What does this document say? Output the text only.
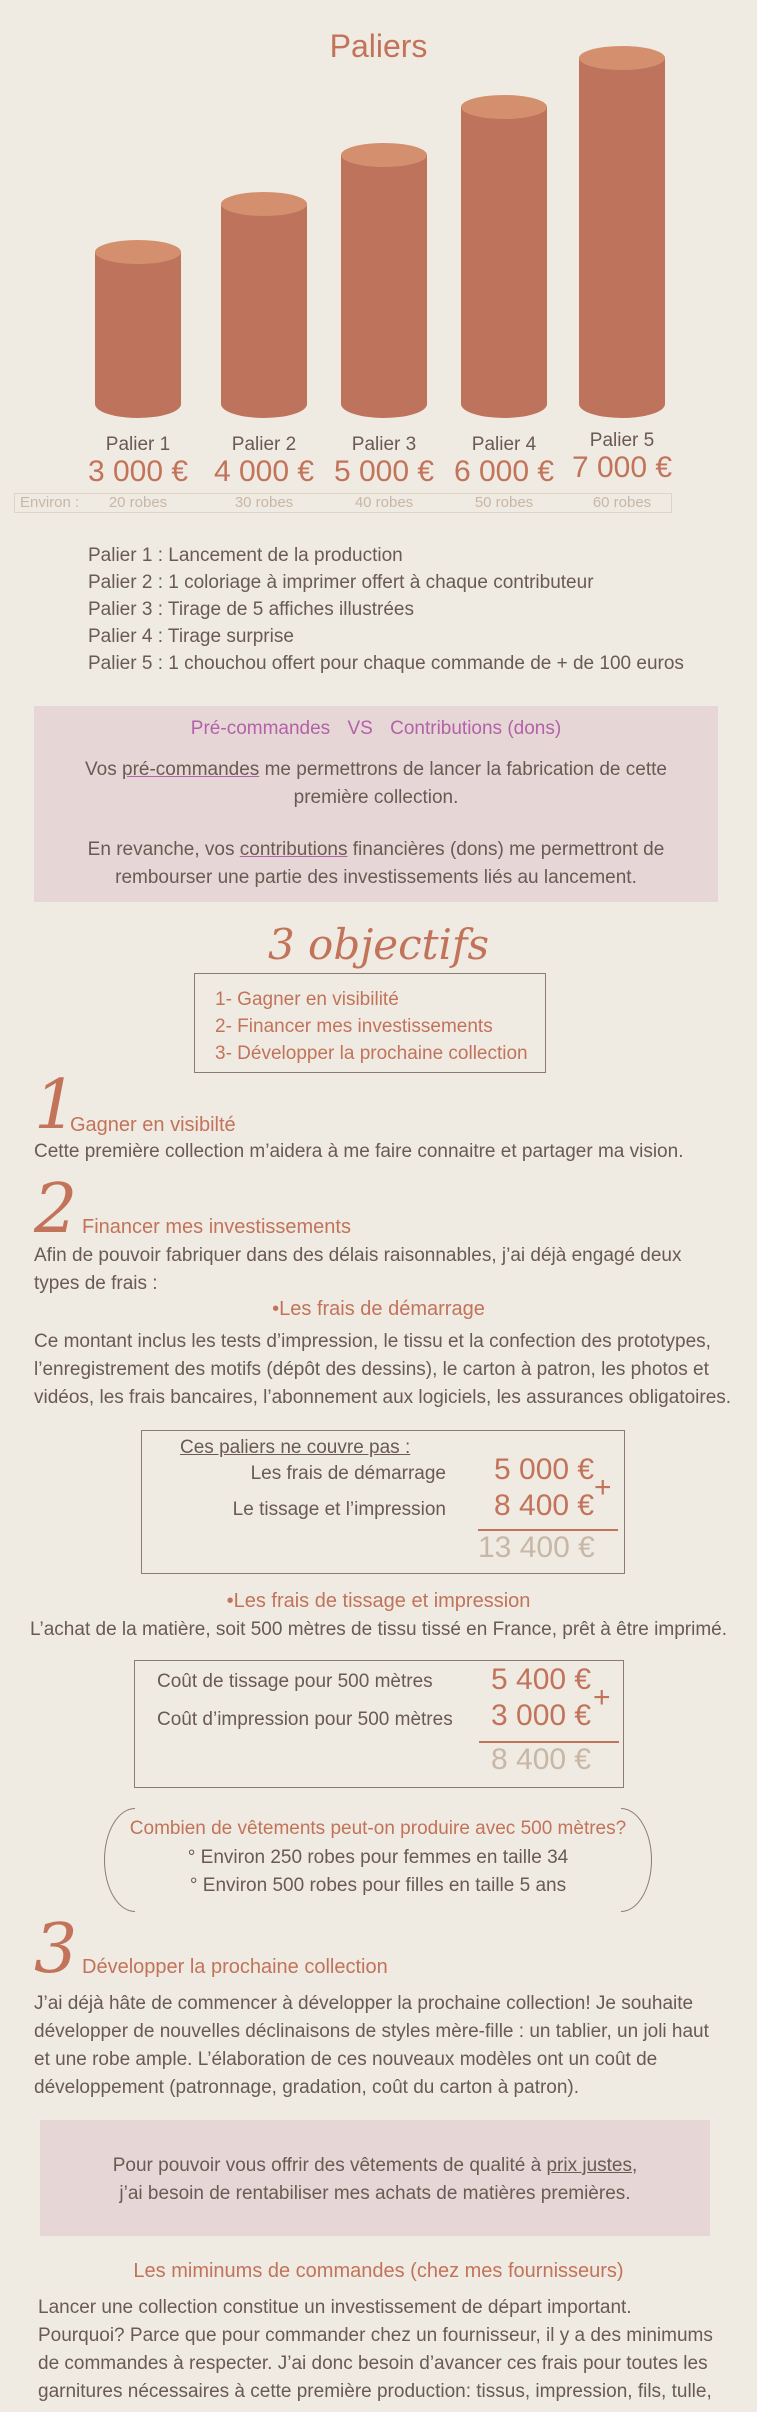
Paliers
Palier 1
3 000 €
20 robes
Palier 2
4 000 €
30 robes
Palier 3
5 000 €
40 robes
Palier 4
6 000 €
50 robes
Palier 5
7 000 €
60 robes
Environ :
Palier 1 : Lancement de la production
Palier 2 : 1 coloriage à imprimer offert à chaque contributeur
Palier 3 : Tirage de 5 affiches illustrées
Palier 4 : Tirage surprise
Palier 5 : 1 chouchou offert pour chaque commande de + de 100 euros
Pré-commandes VS Contributions (dons)
Vos pré-commandes me permettrons de lancer la fabrication de cette
première collection.
En revanche, vos contributions financières (dons) me permettront de
rembourser une partie des investissements liés au lancement.
3 objectifs
1- Gagner en visibilité
2- Financer mes investissements
3- Développer la prochaine collection
1
Gagner en visibilté
Cette première collection m’aidera à me faire connaitre et partager ma vision.
2 Financer mes investissements
Afin de pouvoir fabriquer dans des délais raisonnables, j’ai déjà engagé deux
types de frais :
•Les frais de démarrage
Ce montant inclus les tests d’impression, le tissu et la confection des prototypes,
l’enregistrement des motifs (dépôt des dessins), le carton à patron, les photos et
vidéos, les frais bancaires, l’abonnement aux logiciels, les assurances obligatoires.
Ces paliers ne couvre pas :
Les frais de démarrage 5 000 €
Le tissage et l’impression 8 400 €
+
13 400 €
•Les frais de tissage et impression
L’achat de la matière, soit 500 mètres de tissu tissé en France, prêt à être imprimé.
Coût de tissage pour 500 mètres 5 400 €
Coût d’impression pour 500 mètres 3 000 €
+
8 400 €
Combien de vêtements peut-on produire avec 500 mètres?
° Environ 250 robes pour femmes en taille 34
° Environ 500 robes pour filles en taille 5 ans
3 Développer la prochaine collection
J’ai déjà hâte de commencer à développer la prochaine collection! Je souhaite
développer de nouvelles déclinaisons de styles mère-fille : un tablier, un joli haut
et une robe ample. L’élaboration de ces nouveaux modèles ont un coût de
développement (patronnage, gradation, coût du carton à patron).
Pour pouvoir vous offrir des vêtements de qualité à prix justes,
j’ai besoin de rentabiliser mes achats de matières premières.
Les miminums de commandes (chez mes fournisseurs)
Lancer une collection constitue un investissement de départ important.
Pourquoi? Parce que pour commander chez un fournisseur, il y a des minimums
de commandes à respecter. J’ai donc besoin d’avancer ces frais pour toutes les
garnitures nécessaires à cette première production: tissus, impression, fils, tulle,
